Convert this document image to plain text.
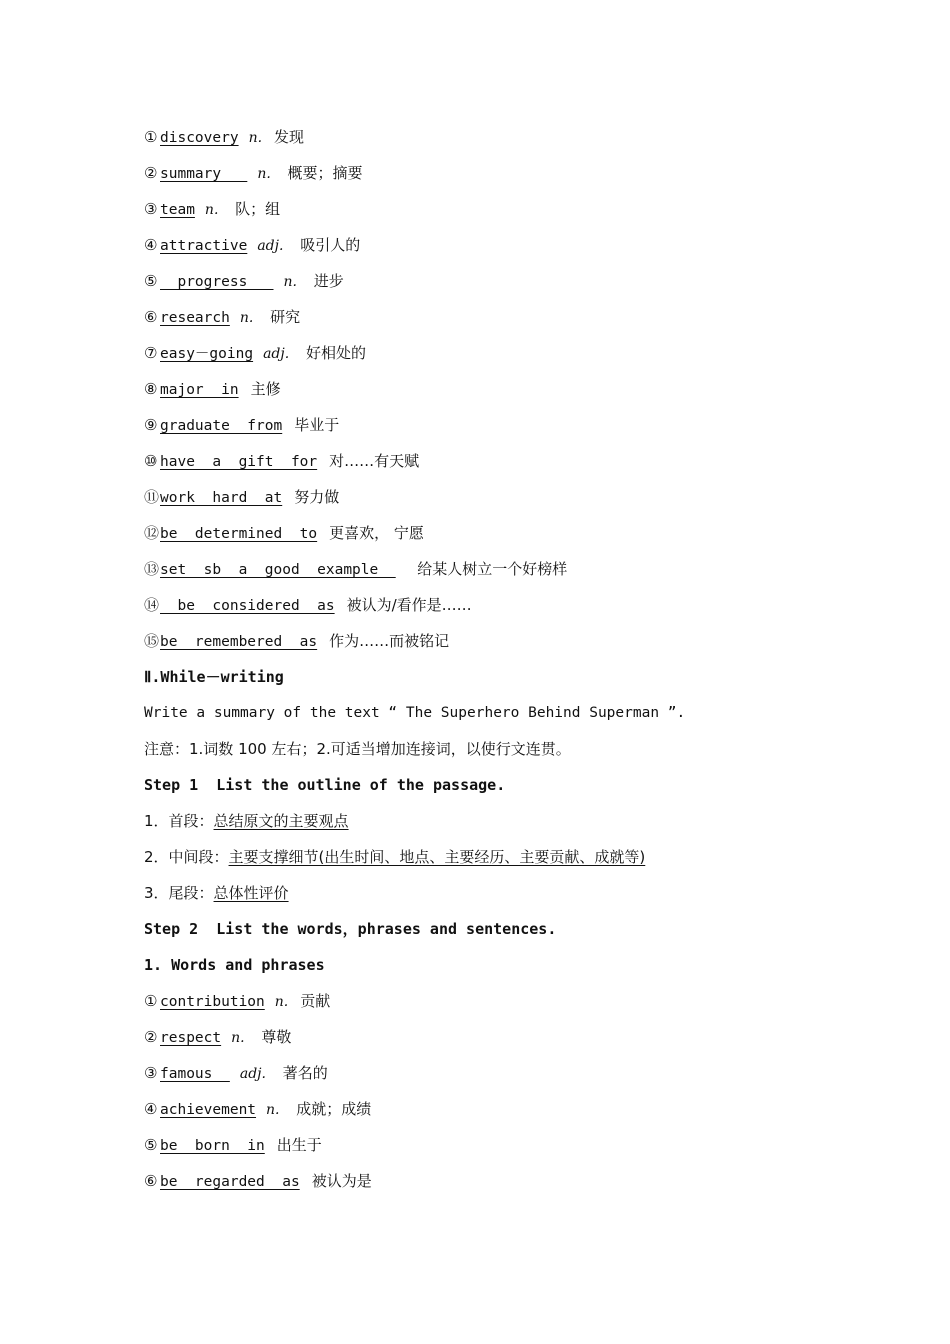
① discovery n. 发现
② summary   n. 概要；摘要
③ team n. 队；组
④ attractive adj. 吸引人的
⑤  progress   n. 进步
⑥ research n. 研究
⑦ easy－going adj. 好相处的
⑧ major  in 主修
⑨ graduate  from 毕业于
⑩ have  a  gift  for 对……有天赋
⑪work  hard  at 努力做
⑫be  determined  to 更喜欢， 宁愿
⑬set  sb  a  good  example    给某人树立一个好榜样
⑭  be  considered  as 被认为/看作是……
⑮be  remembered  as 作为……而被铭记
Ⅱ.While－writing
Write a summary of the text “ The Superhero Behind Superman ”.
注意：1.词数 100 左右；2.可适当增加连接词，以使行文连贯。
Step 1  List the outline of the passage.
1．首段：总结原文的主要观点
2．中间段：主要支撑细节(出生时间、地点、主要经历、主要贡献、成就等)
3．尾段：总体性评价
Step 2  List the words，phrases and sentences.
1. Words and phrases
① contribution n. 贡献
② respect n. 尊敬
③ famous  adj. 著名的
④ achievement n. 成就；成绩
⑤ be  born  in 出生于
⑥ be  regarded  as 被认为是
